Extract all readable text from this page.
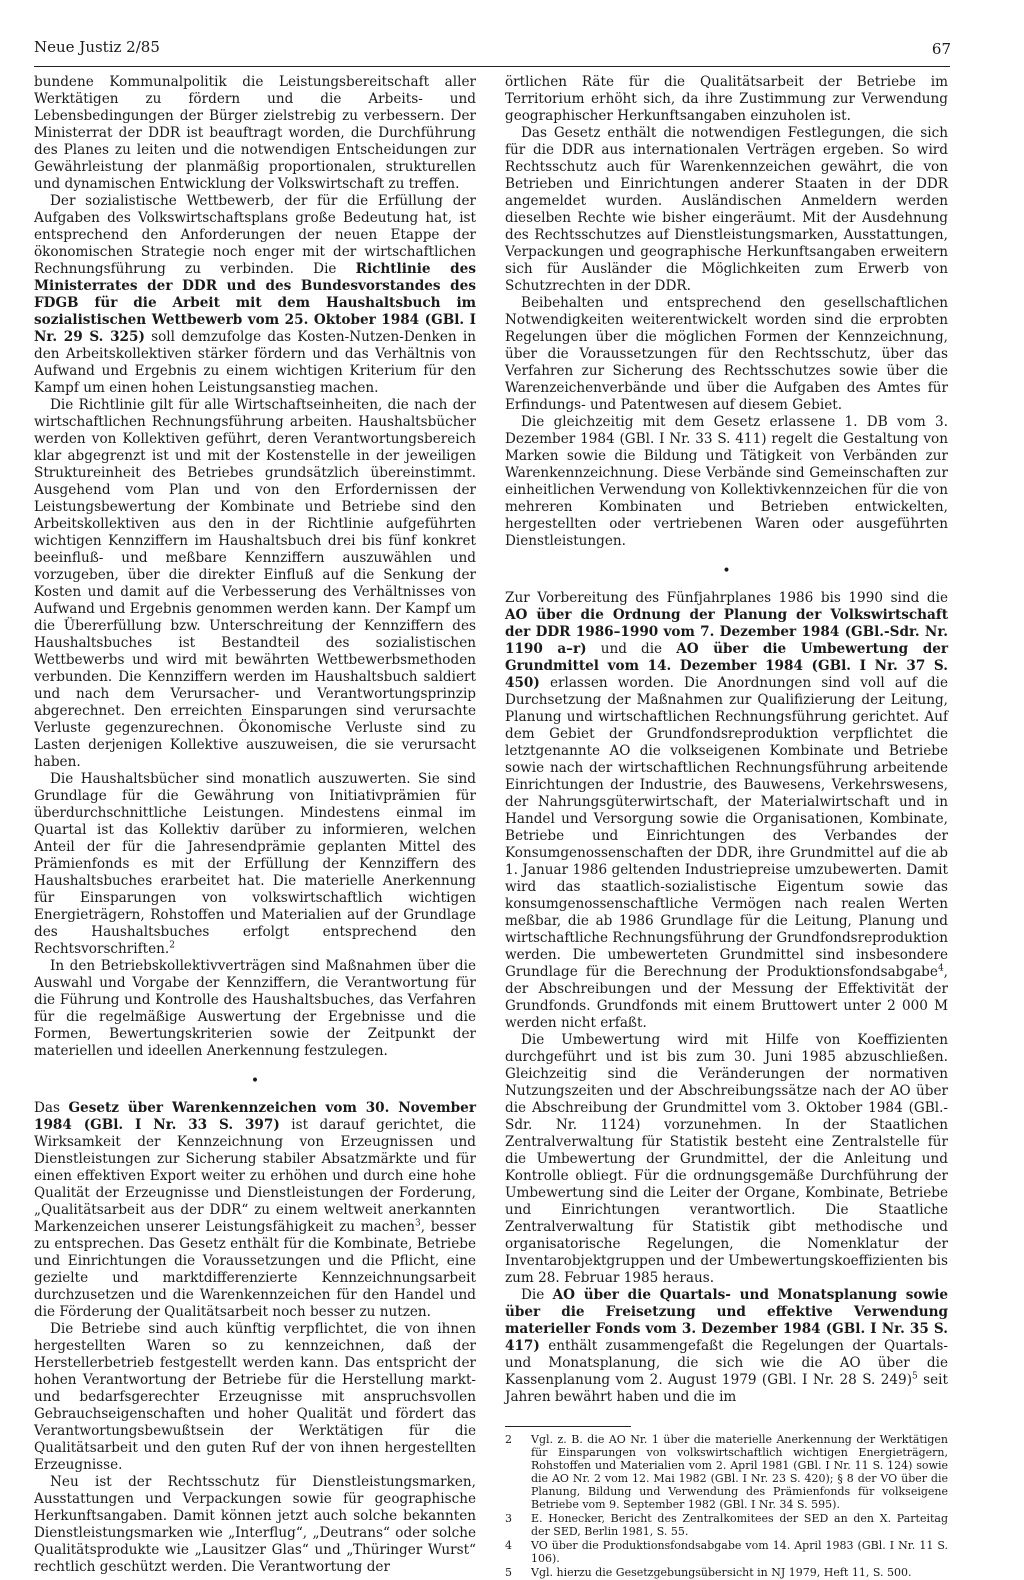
Neue Justiz 2/85	67

bundene Kommunalpolitik die Leistungsbereitschaft aller Werktätigen zu fördern und die Arbeits- und Lebensbedingungen der Bürger zielstrebig zu verbessern. Der Ministerrat der DDR ist beauftragt worden, die Durchführung des Planes zu leiten und die notwendigen Entscheidungen zur Gewährleistung der planmäßig proportionalen, strukturellen und dynamischen Entwicklung der Volkswirtschaft zu treffen.

Der sozialistische Wettbewerb, der für die Erfüllung der Aufgaben des Volkswirtschaftsplans große Bedeutung hat, ist entsprechend den Anforderungen der neuen Etappe der ökonomischen Strategie noch enger mit der wirtschaftlichen Rechnungsführung zu verbinden. Die Richtlinie des Ministerrates der DDR und des Bundesvorstandes des FDGB für die Arbeit mit dem Haushaltsbuch im sozialistischen Wettbewerb vom 25. Oktober 1984 (GBl. I Nr. 29 S. 325) soll demzufolge das Kosten-Nutzen-Denken in den Arbeitskollektiven stärker fördern und das Verhältnis von Aufwand und Ergebnis zu einem wichtigen Kriterium für den Kampf um einen hohen Leistungsanstieg machen.

Die Richtlinie gilt für alle Wirtschaftseinheiten, die nach der wirtschaftlichen Rechnungsführung arbeiten. Haushaltsbücher werden von Kollektiven geführt, deren Verantwortungsbereich klar abgegrenzt ist und mit der Kostenstelle in der jeweiligen Struktureinheit des Betriebes grundsätzlich übereinstimmt. Ausgehend vom Plan und von den Erfordernissen der Leistungsbewertung der Kombinate und Betriebe sind den Arbeitskollektiven aus den in der Richtlinie aufgeführten wichtigen Kennziffern im Haushaltsbuch drei bis fünf konkret beeinfluß- und meßbare Kennziffern auszuwählen und vorzugeben, über die direkter Einfluß auf die Senkung der Kosten und damit auf die Verbesserung des Verhältnisses von Aufwand und Ergebnis genommen werden kann. Der Kampf um die Übererfüllung bzw. Unterschreitung der Kennziffern des Haushaltsbuches ist Bestandteil des sozialistischen Wettbewerbs und wird mit bewährten Wettbewerbsmethoden verbunden. Die Kennziffern werden im Haushaltsbuch saldiert und nach dem Verursacher- und Verantwortungsprinzip abgerechnet. Den erreichten Einsparungen sind verursachte Verluste gegenzurechnen. Ökonomische Verluste sind zu Lasten derjenigen Kollektive auszuweisen, die sie verursacht haben.

Die Haushaltsbücher sind monatlich auszuwerten. Sie sind Grundlage für die Gewährung von Initiativprämien für überdurchschnittliche Leistungen. Mindestens einmal im Quartal ist das Kollektiv darüber zu informieren, welchen Anteil der für die Jahresendprämie geplanten Mittel des Prämienfonds es mit der Erfüllung der Kennziffern des Haushaltsbuches erarbeitet hat. Die materielle Anerkennung für Einsparungen von volkswirtschaftlich wichtigen Energieträgern, Rohstoffen und Materialien auf der Grundlage des Haushaltsbuches erfolgt entsprechend den Rechtsvorschriften.$^2$

In den Betriebskollektivverträgen sind Maßnahmen über die Auswahl und Vorgabe der Kennziffern, die Verantwortung für die Führung und Kontrolle des Haushaltsbuches, das Verfahren für die regelmäßige Auswertung der Ergebnisse und die Formen, Bewertungskriterien sowie der Zeitpunkt der materiellen und ideellen Anerkennung festzulegen.

•

Das Gesetz über Warenkennzeichen vom 30. November 1984 (GBl. I Nr. 33 S. 397) ist darauf gerichtet, die Wirksamkeit der Kennzeichnung von Erzeugnissen und Dienstleistungen zur Sicherung stabiler Absatzmärkte und für einen effektiven Export weiter zu erhöhen und durch eine hohe Qualität der Erzeugnisse und Dienstleistungen der Forderung, „Qualitätsarbeit aus der DDR“ zu einem weltweit anerkannten Markenzeichen unserer Leistungsfähigkeit zu machen$^3$, besser zu entsprechen. Das Gesetz enthält für die Kombinate, Betriebe und Einrichtungen die Voraussetzungen und die Pflicht, eine gezielte und marktdifferenzierte Kennzeichnungsarbeit durchzusetzen und die Warenkennzeichen für den Handel und die Förderung der Qualitätsarbeit noch besser zu nutzen.

Die Betriebe sind auch künftig verpflichtet, die von ihnen hergestellten Waren so zu kennzeichnen, daß der Herstellerbetrieb festgestellt werden kann. Das entspricht der hohen Verantwortung der Betriebe für die Herstellung markt- und bedarfsgerechter Erzeugnisse mit anspruchsvollen Gebrauchseigenschaften und hoher Qualität und fördert das Verantwortungsbewußtsein der Werktätigen für die Qualitätsarbeit und den guten Ruf der von ihnen hergestellten Erzeugnisse.

Neu ist der Rechtsschutz für Dienstleistungsmarken, Ausstattungen und Verpackungen sowie für geographische Herkunftsangaben. Damit können jetzt auch solche bekannten Dienstleistungsmarken wie „Interflug“, „Deutrans“ oder solche Qualitätsprodukte wie „Lausitzer Glas“ und „Thüringer Wurst“ rechtlich geschützt werden. Die Verantwortung der

örtlichen Räte für die Qualitätsarbeit der Betriebe im Territorium erhöht sich, da ihre Zustimmung zur Verwendung geographischer Herkunftsangaben einzuholen ist.

Das Gesetz enthält die notwendigen Festlegungen, die sich für die DDR aus internationalen Verträgen ergeben. So wird Rechtsschutz auch für Warenkennzeichen gewährt, die von Betrieben und Einrichtungen anderer Staaten in der DDR angemeldet wurden. Ausländischen Anmeldern werden dieselben Rechte wie bisher eingeräumt. Mit der Ausdehnung des Rechtsschutzes auf Dienstleistungsmarken, Ausstattungen, Verpackungen und geographische Herkunftsangaben erweitern sich für Ausländer die Möglichkeiten zum Erwerb von Schutzrechten in der DDR.

Beibehalten und entsprechend den gesellschaftlichen Notwendigkeiten weiterentwickelt worden sind die erprobten Regelungen über die möglichen Formen der Kennzeichnung, über die Voraussetzungen für den Rechtsschutz, über das Verfahren zur Sicherung des Rechtsschutzes sowie über die Warenzeichenverbände und über die Aufgaben des Amtes für Erfindungs- und Patentwesen auf diesem Gebiet.

Die gleichzeitig mit dem Gesetz erlassene 1. DB vom 3. Dezember 1984 (GBl. I Nr. 33 S. 411) regelt die Gestaltung von Marken sowie die Bildung und Tätigkeit von Verbänden zur Warenkennzeichnung. Diese Verbände sind Gemeinschaften zur einheitlichen Verwendung von Kollektivkennzeichen für die von mehreren Kombinaten und Betrieben entwickelten, hergestellten oder vertriebenen Waren oder ausgeführten Dienstleistungen.

•

Zur Vorbereitung des Fünfjahrplanes 1986 bis 1990 sind die AO über die Ordnung der Planung der Volkswirtschaft der DDR 1986–1990 vom 7. Dezember 1984 (GBl.-Sdr. Nr. 1190 a–r) und die AO über die Umbewertung der Grundmittel vom 14. Dezember 1984 (GBl. I Nr. 37 S. 450) erlassen worden. Die Anordnungen sind voll auf die Durchsetzung der Maßnahmen zur Qualifizierung der Leitung, Planung und wirtschaftlichen Rechnungsführung gerichtet. Auf dem Gebiet der Grundfondsreproduktion verpflichtet die letztgenannte AO die volkseigenen Kombinate und Betriebe sowie nach der wirtschaftlichen Rechnungsführung arbeitende Einrichtungen der Industrie, des Bauwesens, Verkehrswesens, der Nahrungsgüterwirtschaft, der Materialwirtschaft und in Handel und Versorgung sowie die Organisationen, Kombinate, Betriebe und Einrichtungen des Verbandes der Konsumgenossenschaften der DDR, ihre Grundmittel auf die ab 1. Januar 1986 geltenden Industriepreise umzubewerten. Damit wird das staatlich-sozialistische Eigentum sowie das konsumgenossenschaftliche Vermögen nach realen Werten meßbar, die ab 1986 Grundlage für die Leitung, Planung und wirtschaftliche Rechnungsführung der Grundfondsreproduktion werden. Die umbewerteten Grundmittel sind insbesondere Grundlage für die Berechnung der Produktionsfondsabgabe$^4$, der Abschreibungen und der Messung der Effektivität der Grundfonds. Grundfonds mit einem Bruttowert unter 2 000 M werden nicht erfaßt.

Die Umbewertung wird mit Hilfe von Koeffizienten durchgeführt und ist bis zum 30. Juni 1985 abzuschließen. Gleichzeitig sind die Veränderungen der normativen Nutzungszeiten und der Abschreibungssätze nach der AO über die Abschreibung der Grundmittel vom 3. Oktober 1984 (GBl.-Sdr. Nr. 1124) vorzunehmen. In der Staatlichen Zentralverwaltung für Statistik besteht eine Zentralstelle für die Umbewertung der Grundmittel, der die Anleitung und Kontrolle obliegt. Für die ordnungsgemäße Durchführung der Umbewertung sind die Leiter der Organe, Kombinate, Betriebe und Einrichtungen verantwortlich. Die Staatliche Zentralverwaltung für Statistik gibt methodische und organisatorische Regelungen, die Nomenklatur der Inventarobjektgruppen und der Umbewertungskoeffizienten bis zum 28. Februar 1985 heraus.

Die AO über die Quartals- und Monatsplanung sowie über die Freisetzung und effektive Verwendung materieller Fonds vom 3. Dezember 1984 (GBl. I Nr. 35 S. 417) enthält zusammengefaßt die Regelungen der Quartals- und Monatsplanung, die sich wie die AO über die Kassenplanung vom 2. August 1979 (GBl. I Nr. 28 S. 249)$^5$ seit Jahren bewährt haben und die im

2	Vgl. z. B. die AO Nr. 1 über die materielle Anerkennung der Werktätigen für Einsparungen von volkswirtschaftlich wichtigen Energieträgern, Rohstoffen und Materialien vom 2. April 1981 (GBl. I Nr. 11 S. 124) sowie die AO Nr. 2 vom 12. Mai 1982 (GBl. I Nr. 23 S. 420); § 8 der VO über die Planung, Bildung und Verwendung des Prämienfonds für volkseigene Betriebe vom 9. September 1982 (GBl. I Nr. 34 S. 595).
3	E. Honecker, Bericht des Zentralkomitees der SED an den X. Parteitag der SED, Berlin 1981, S. 55.
4	VO über die Produktionsfondsabgabe vom 14. April 1983 (GBl. I Nr. 11 S. 106).
5	Vgl. hierzu die Gesetzgebungsübersicht in NJ 1979, Heft 11, S. 500.
